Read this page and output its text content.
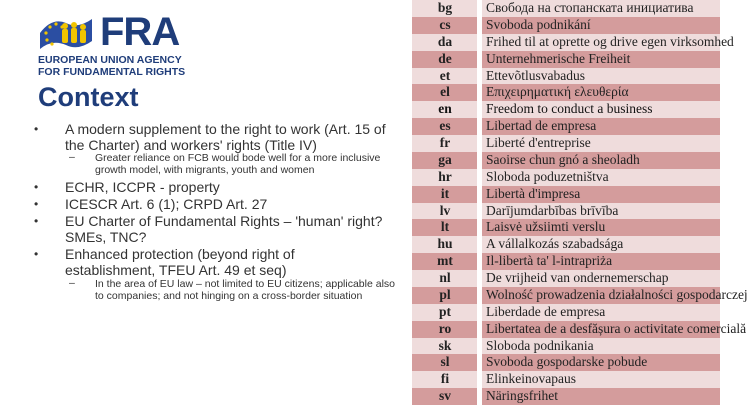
FRA
EUROPEAN UNION AGENCY
FOR FUNDAMENTAL RIGHTS
Context
• A modern supplement to the right to work (Art. 15 of the Charter) and workers' rights (Title IV)
– Greater reliance on FCB would bode well for a more inclusive growth model, with migrants, youth and women
• ECHR, ICCPR - property
• ICESCR Art. 6 (1); CRPD Art. 27
• EU Charter of Fundamental Rights – 'human' right? SMEs, TNC?
• Enhanced protection (beyond right of establishment, TFEU Art. 49 et seq)
– In the area of EU law – not limited to EU citizens; applicable also to companies; and not hinging on a cross-border situation
bg	Свобода на стопанската инициатива
cs	Svoboda podnikání
da	Frihed til at oprette og drive egen virksomhed
de	Unternehmerische Freiheit
et	Ettevõtlusvabadus
el	Επιχειρηματική ελευθερία
en	Freedom to conduct a business
es	Libertad de empresa
fr	Liberté d'entreprise
ga	Saoirse chun gnó a sheoladh
hr	Sloboda poduzetništva
it	Libertà d'impresa
lv	Darījumdarbības brīvība
lt	Laisvė užsiimti verslu
hu	A vállalkozás szabadsága
mt	Il-libertà ta' l-intrapriża
nl	De vrijheid van ondernemerschap
pl	Wolność prowadzenia działalności gospodarczej
pt	Liberdade de empresa
ro	Libertatea de a desfășura o activitate comercială
sk	Sloboda podnikania
sl	Svoboda gospodarske pobude
fi	Elinkeinovapaus
sv	Näringsfrihet
